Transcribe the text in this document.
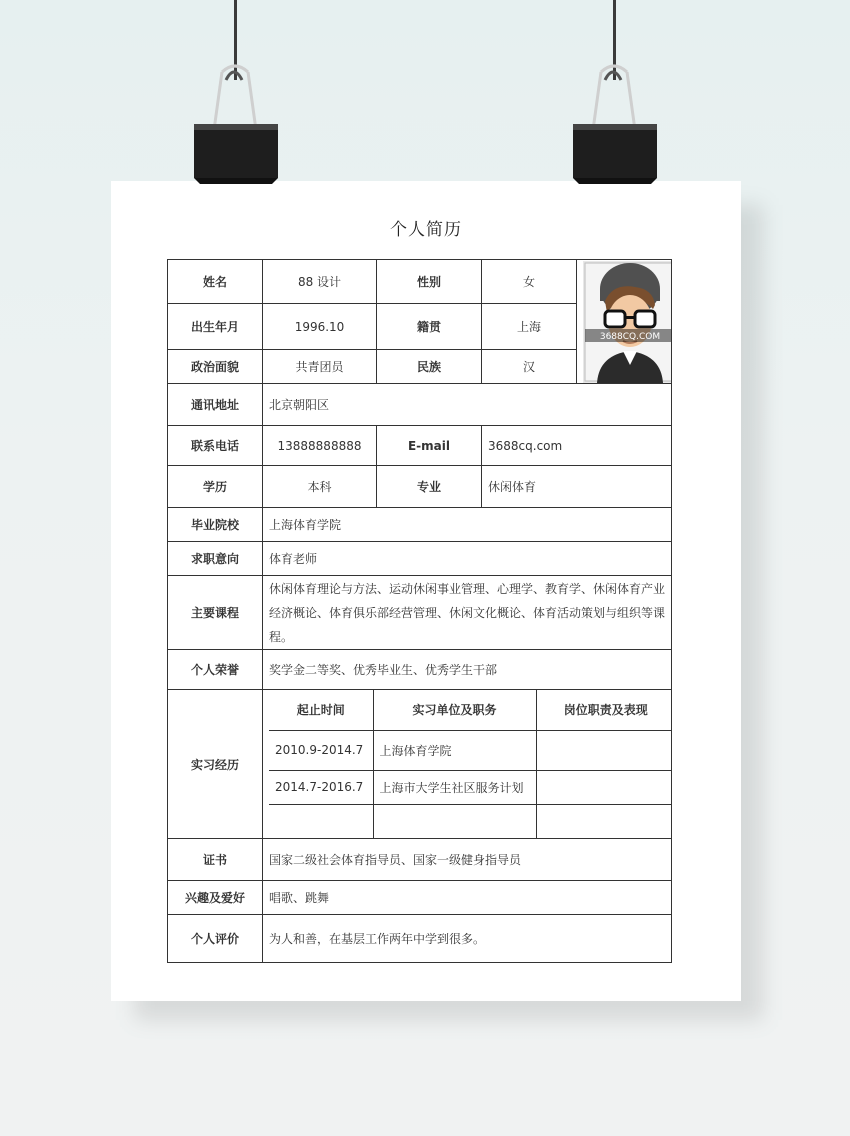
个人简历
姓名	88 设计	性别	女	
3688CQ.COM

出生年月	1996.10	籍贯	上海
政治面貌	共青团员	民族	汉
通讯地址	北京朝阳区
联系电话	13888888888	E-mail	3688cq.com
学历	本科	专业	休闲体育
毕业院校	上海体育学院
求职意向	体育老师
主要课程	休闲体育理论与方法、运动休闲事业管理、心理学、教育学、休闲体育产业经济概论、体育俱乐部经营管理、休闲文化概论、体育活动策划与组织等课程。
个人荣誉	奖学金二等奖、优秀毕业生、优秀学生干部
实习经历	
起止时间	实习单位及职务	岗位职责及表现
2010.9-2014.7	上海体育学院	
2014.7-2016.7	上海市大学生社区服务计划	

证书	国家二级社会体育指导员、国家一级健身指导员
兴趣及爱好	唱歌、跳舞
个人评价	为人和善，在基层工作两年中学到很多。
